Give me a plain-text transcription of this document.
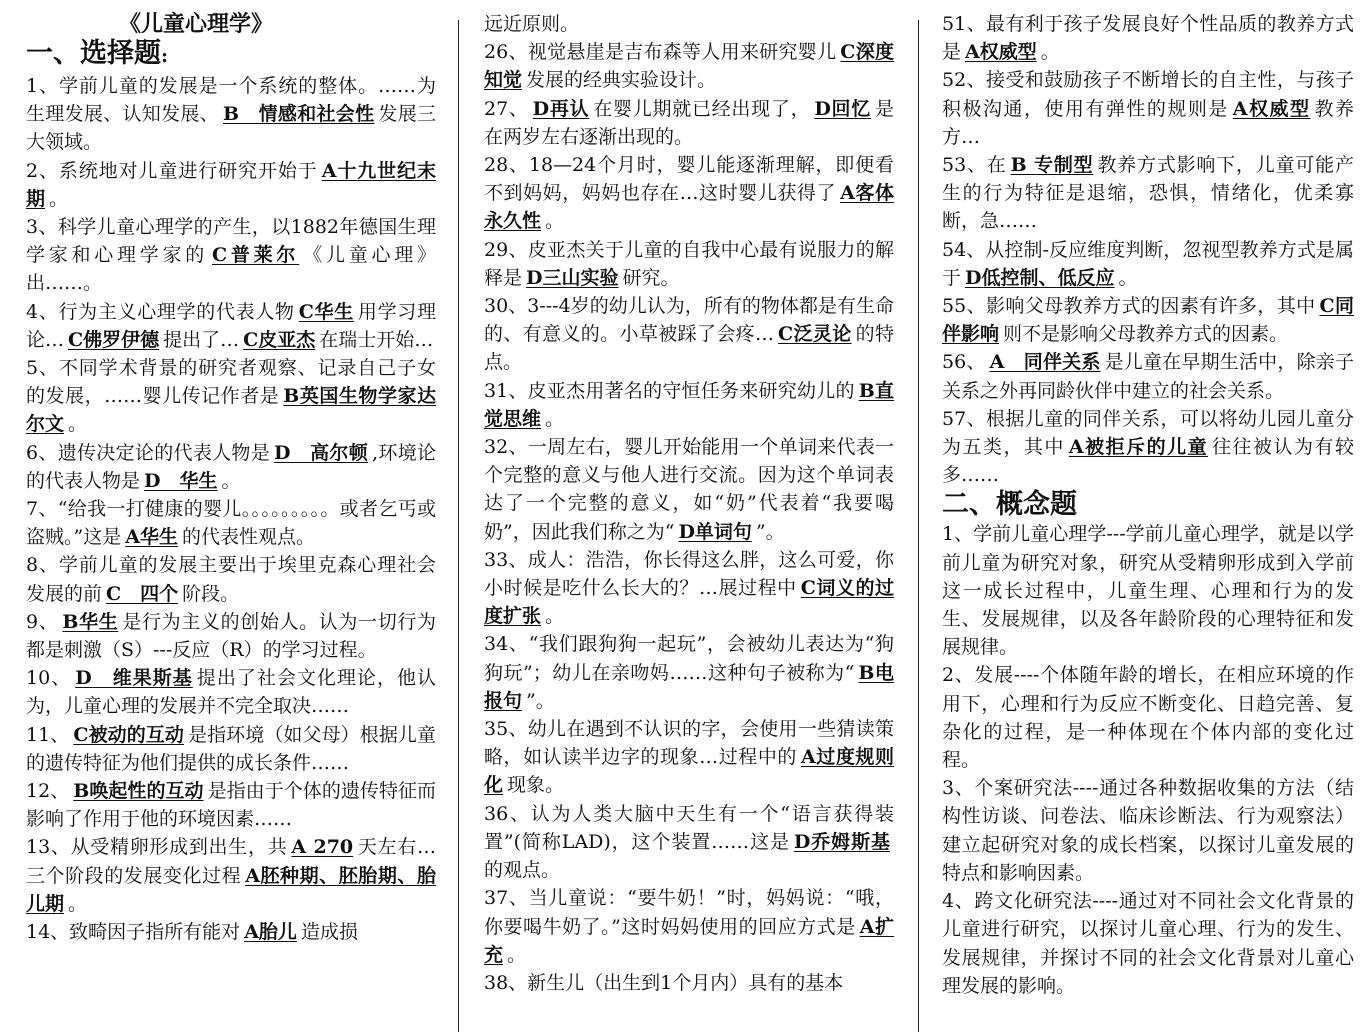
《儿童心理学》
一、选择题:

1、学前儿童的发展是一个系统的整体。……为生理发展、认知发展、 B　情感和社会性 发展三大领域。

2、系统地对儿童进行研究开始于 A十九世纪末期 。

3、科学儿童心理学的产生，以1882年德国生理学家和心理学家的 C普莱尔 《儿童心理》出……。

4、行为主义心理学的代表人物 C华生 用学习理论… C佛罗伊德 提出了… C皮亚杰 在瑞士开始…

5、不同学术背景的研究者观察、记录自己子女的发展，……婴儿传记作者是 B英国生物学家达尔文 。

6、遗传决定论的代表人物是 D　高尔顿 ,环境论的代表人物是 D　华生 。

7、“给我一打健康的婴儿。。。。。。。。。或者乞丐或盗贼。”这是 A华生 的代表性观点。

8、学前儿童的发展主要出于埃里克森心理社会发展的前 C　四个 阶段。

9、 B华生 是行为主义的创始人。认为一切行为都是刺激（S）---反应（R）的学习过程。

10、 D　维果斯基 提出了社会文化理论，他认为，儿童心理的发展并不完全取决……

11、 C被动的互动 是指环境（如父母）根据儿童的遗传特征为他们提供的成长条件……

12、 B唤起性的互动 是指由于个体的遗传特征而影响了作用于他的环境因素……

13、从受精卵形成到出生，共 A 270 天左右…三个阶段的发展变化过程 A胚种期、胚胎期、胎儿期 。

14、致畸因子指所有能对 A胎儿 造成损

远近原则。

26、视觉悬崖是吉布森等人用来研究婴儿 C深度知觉 发展的经典实验设计。

27、 D再认 在婴儿期就已经出现了， D回忆 是在两岁左右逐渐出现的。

28、18—24个月时，婴儿能逐渐理解，即便看不到妈妈，妈妈也存在…这时婴儿获得了 A客体永久性 。

29、皮亚杰关于儿童的自我中心最有说服力的解释是 D三山实验 研究。

30、3---4岁的幼儿认为，所有的物体都是有生命的、有意义的。小草被踩了会疼… C泛灵论 的特点。

31、皮亚杰用著名的守恒任务来研究幼儿的 B直觉思维 。

32、一周左右，婴儿开始能用一个单词来代表一个完整的意义与他人进行交流。因为这个单词表达了一个完整的意义，如“奶”代表着“我要喝奶”，因此我们称之为“ D单词句 ”。

33、成人：浩浩，你长得这么胖，这么可爱，你小时候是吃什么长大的？…展过程中 C词义的过度扩张 。

34、“我们跟狗狗一起玩”，会被幼儿表达为“狗狗玩”；幼儿在亲吻妈……这种句子被称为“ B电报句 ”。

35、幼儿在遇到不认识的字，会使用一些猜读策略，如认读半边字的现象…过程中的 A过度规则化 现象。

36、认为人类大脑中天生有一个“语言获得装置”(简称LAD)，这个装置……这是 D乔姆斯基的观点。

37、当儿童说：“要牛奶！”时，妈妈说：“哦，你要喝牛奶了。”这时妈妈使用的回应方式是 A扩充 。

38、新生儿（出生到1个月内）具有的基本

51、最有利于孩子发展良好个性品质的教养方式是 A权威型 。

52、接受和鼓励孩子不断增长的自主性，与孩子积极沟通，使用有弹性的规则是 A权威型 教养方…

53、在 B 专制型 教养方式影响下，儿童可能产生的行为特征是退缩，恐惧，情绪化，优柔寡断，急……

54、从控制-反应维度判断，忽视型教养方式是属于 D低控制、低反应 。

55、影响父母教养方式的因素有许多，其中 C同伴影响 则不是影响父母教养方式的因素。

56、 A　同伴关系 是儿童在早期生活中，除亲子关系之外再同龄伙伴中建立的社会关系。

57、根据儿童的同伴关系，可以将幼儿园儿童分为五类，其中 A被拒斥的儿童 往往被认为有较多……

二、概念题

1、学前儿童心理学---学前儿童心理学，就是以学前儿童为研究对象，研究从受精卵形成到入学前这一成长过程中，儿童生理、心理和行为的发生、发展规律，以及各年龄阶段的心理特征和发展规律。

2、发展----个体随年龄的增长，在相应环境的作用下，心理和行为反应不断变化、日趋完善、复杂化的过程，是一种体现在个体内部的变化过程。

3、个案研究法----通过各种数据收集的方法（结构性访谈、问卷法、临床诊断法、行为观察法）建立起研究对象的成长档案，以探讨儿童发展的特点和影响因素。

4、跨文化研究法----通过对不同社会文化背景的儿童进行研究，以探讨儿童心理、行为的发生、发展规律，并探讨不同的社会文化背景对儿童心理发展的影响。
